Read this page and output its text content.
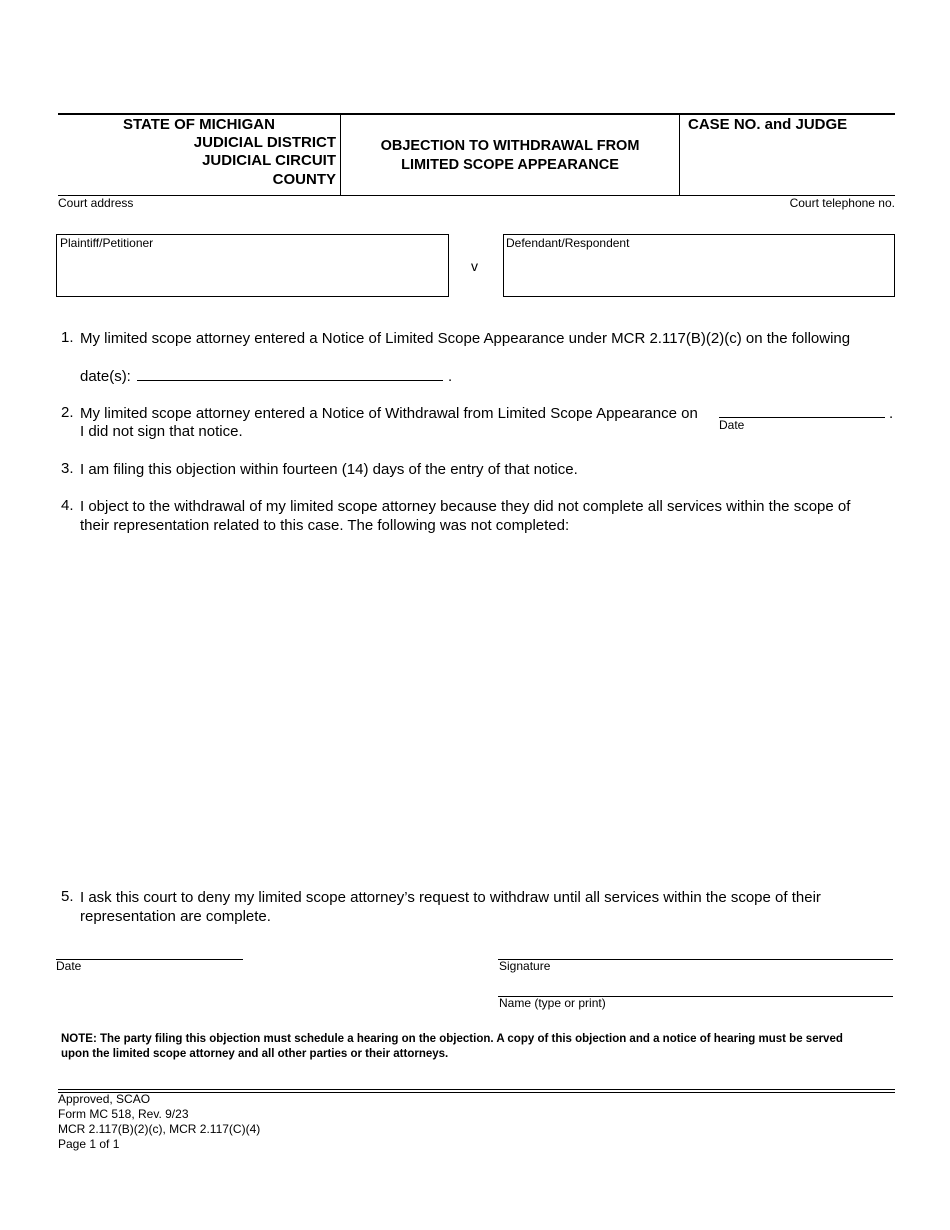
STATE OF MICHIGAN
JUDICIAL DISTRICT
JUDICIAL CIRCUIT
COUNTY
OBJECTION TO WITHDRAWAL FROM
LIMITED SCOPE APPEARANCE
CASE NO. and JUDGE
Court address	Court telephone no.
Plaintiff/Petitioner
v
Defendant/Respondent
1. My limited scope attorney entered a Notice of Limited Scope Appearance under MCR 2.117(B)(2)(c) on the following
date(s):	.
2. My limited scope attorney entered a Notice of Withdrawal from Limited Scope Appearance on	.
Date
I did not sign that notice.
3. I am filing this objection within fourteen (14) days of the entry of that notice.
4. I object to the withdrawal of my limited scope attorney because they did not complete all services within the scope of
their representation related to this case. The following was not completed:
5. I ask this court to deny my limited scope attorney’s request to withdraw until all services within the scope of their
representation are complete.
Date	Signature
Name (type or print)
NOTE: The party filing this objection must schedule a hearing on the objection. A copy of this objection and a notice of hearing must be served
upon the limited scope attorney and all other parties or their attorneys.
Approved, SCAO
Form MC 518, Rev. 9/23
MCR 2.117(B)(2)(c), MCR 2.117(C)(4)
Page 1 of 1
